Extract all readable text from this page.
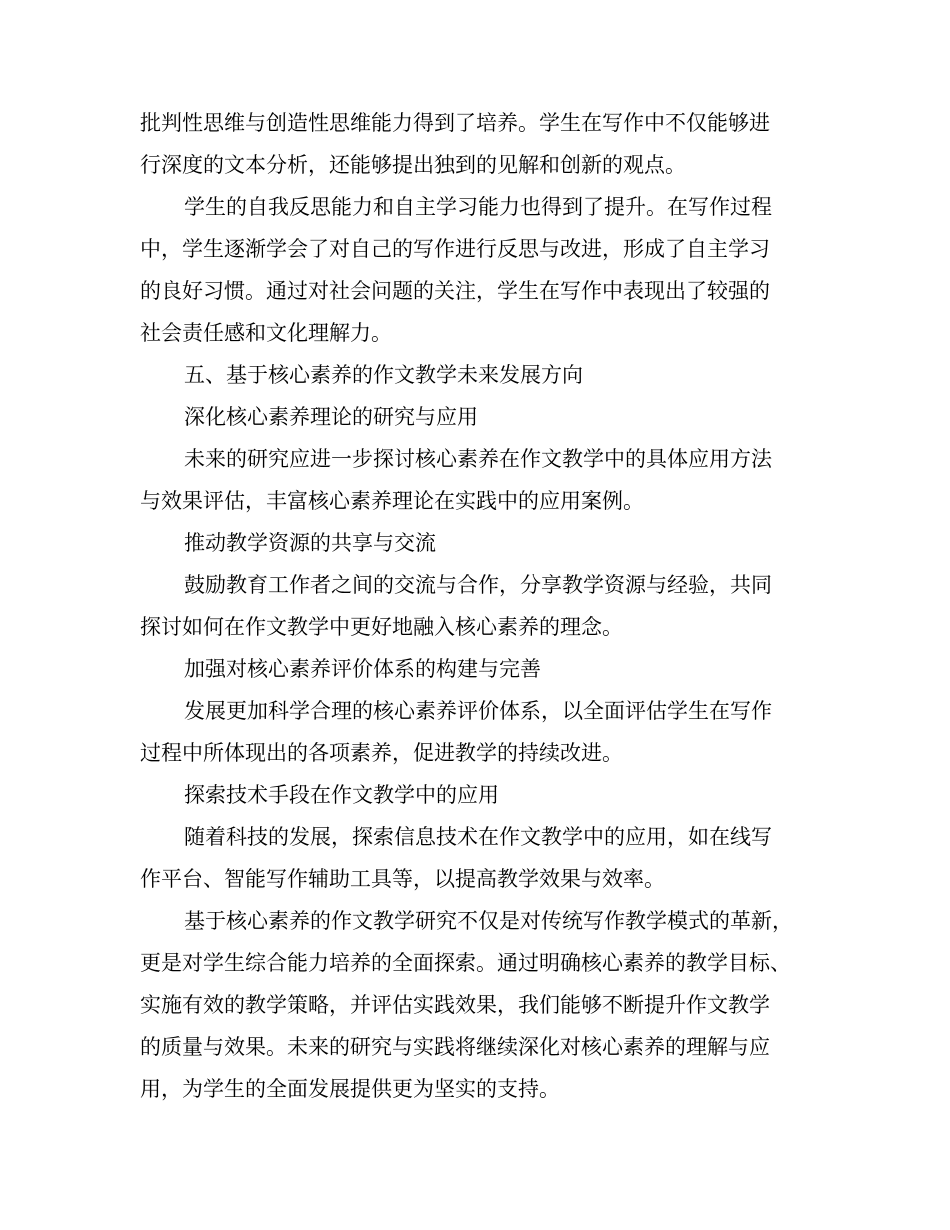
批判性思维与创造性思维能力得到了培养。学生在写作中不仅能够进
行深度的文本分析，还能够提出独到的见解和创新的观点。
学生的自我反思能力和自主学习能力也得到了提升。在写作过程
中，学生逐渐学会了对自己的写作进行反思与改进，形成了自主学习
的良好习惯。通过对社会问题的关注，学生在写作中表现出了较强的
社会责任感和文化理解力。
五、基于核心素养的作文教学未来发展方向
深化核心素养理论的研究与应用
未来的研究应进一步探讨核心素养在作文教学中的具体应用方法
与效果评估，丰富核心素养理论在实践中的应用案例。
推动教学资源的共享与交流
鼓励教育工作者之间的交流与合作，分享教学资源与经验，共同
探讨如何在作文教学中更好地融入核心素养的理念。
加强对核心素养评价体系的构建与完善
发展更加科学合理的核心素养评价体系，以全面评估学生在写作
过程中所体现出的各项素养，促进教学的持续改进。
探索技术手段在作文教学中的应用
随着科技的发展，探索信息技术在作文教学中的应用，如在线写
作平台、智能写作辅助工具等，以提高教学效果与效率。
基于核心素养的作文教学研究不仅是对传统写作教学模式的革新，
更是对学生综合能力培养的全面探索。通过明确核心素养的教学目标、
实施有效的教学策略，并评估实践效果，我们能够不断提升作文教学
的质量与效果。未来的研究与实践将继续深化对核心素养的理解与应
用，为学生的全面发展提供更为坚实的支持。
